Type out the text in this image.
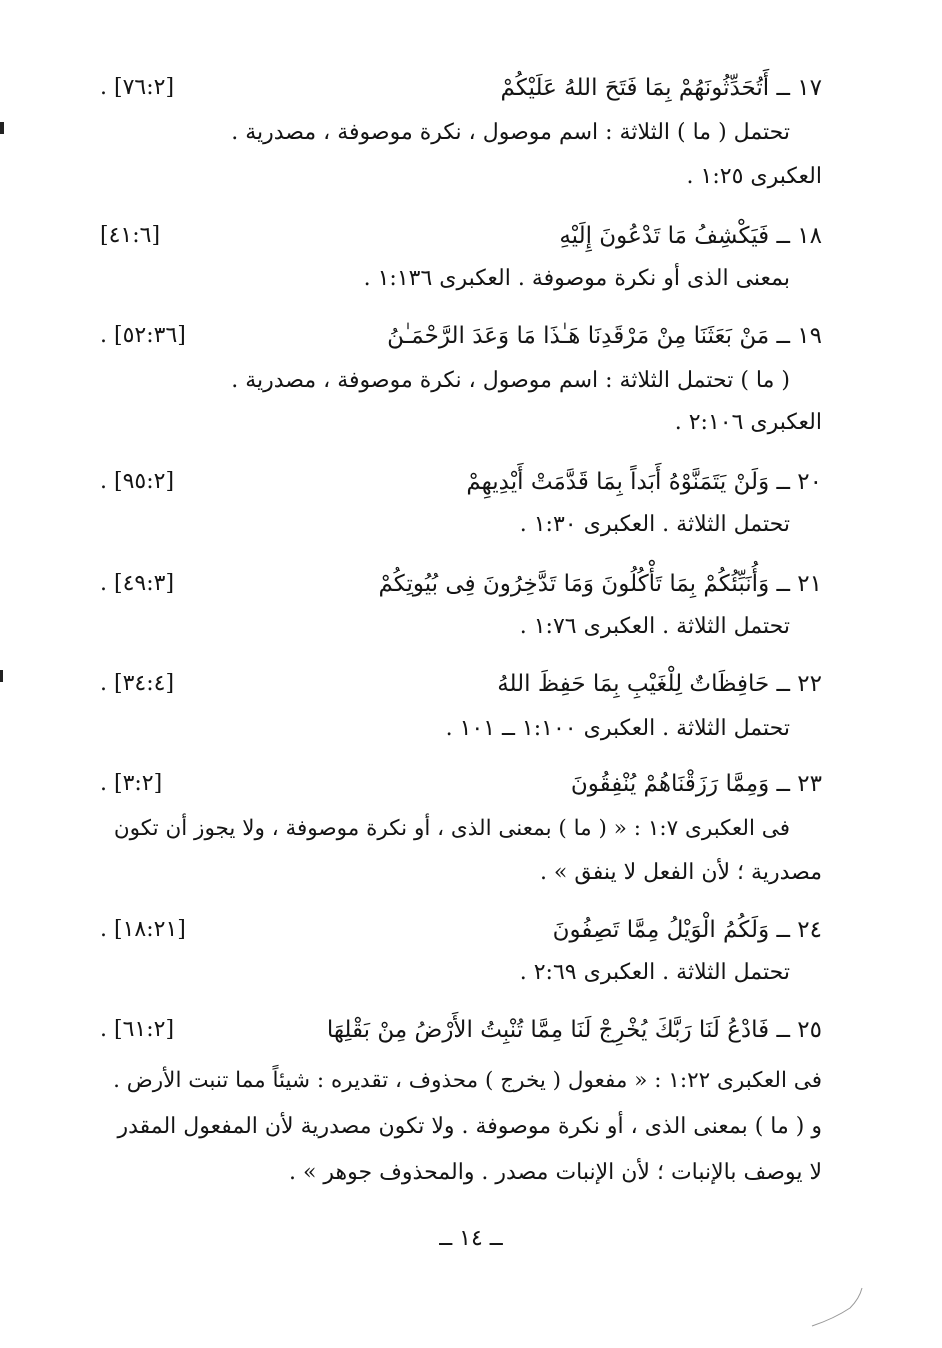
١٧ ــ أَتُحَدِّثُونَهُمْ بِمَا فَتَحَ اللهُ عَلَيْكُمْ
. [٧٦:٢]
تحتمل ( ما ) الثلاثة : اسم موصول ، نكرة موصوفة ، مصدرية .
العكبرى ١:٢٥ .
١٨ ــ فَيَكْشِفُ مَا تَدْعُونَ إِلَيْهِ
[٤١:٦]
بمعنى الذى أو نكرة موصوفة . العكبرى ١:١٣٦ .
١٩ ــ مَنْ بَعَثَنَا مِنْ مَرْقَدِنَا هَـٰذَا مَا وَعَدَ الرَّحْمَـٰنُ
. [٥٢:٣٦]
( ما ) تحتمل الثلاثة : اسم موصول ، نكرة موصوفة ، مصدرية .
العكبرى ٢:١٠٦ .
٢٠ ــ وَلَنْ يَتَمَنَّوْهُ أَبَداً بِمَا قَدَّمَتْ أَيْدِيهِمْ
. [٩٥:٢]
تحتمل الثلاثة . العكبرى ١:٣٠ .
٢١ ــ وَأُنَبِّئُكُمْ بِمَا تَأْكُلُونَ وَمَا تَدَّخِرُونَ فِى بُيُوتِكُمْ
. [٤٩:٣]
تحتمل الثلاثة . العكبرى ١:٧٦ .
٢٢ ــ حَافِظَاتٌ لِلْغَيْبِ بِمَا حَفِظَ اللهُ
. [٣٤:٤]
تحتمل الثلاثة . العكبرى ١:١٠٠ ــ ١٠١ .
٢٣ ــ وَمِمَّا رَزَقْنَاهُمْ يُنْفِقُونَ
. [٣:٢]
فى العكبرى ١:٧ : « ( ما ) بمعنى الذى ، أو نكرة موصوفة ، ولا يجوز أن تكون
مصدرية ؛ لأن الفعل لا ينفق » .
٢٤ ــ وَلَكُمُ الْوَيْلُ مِمَّا تَصِفُونَ
. [١٨:٢١]
تحتمل الثلاثة . العكبرى ٢:٦٩ .
٢٥ ــ فَادْعُ لَنَا رَبَّكَ يُخْرِجْ لَنَا مِمَّا تُنْبِتُ الأَرْضُ مِنْ بَقْلِهَا
. [٦١:٢]
فى العكبرى ١:٢٢ : « مفعول ( يخرج ) محذوف ، تقديره : شيئاً مما تنبت الأرض .
و ( ما ) بمعنى الذى ، أو نكرة موصوفة . ولا تكون مصدرية لأن المفعول المقدر
لا يوصف بالإنبات ؛ لأن الإنبات مصدر . والمحذوف جوهر » .
ــ ١٤ ــ
